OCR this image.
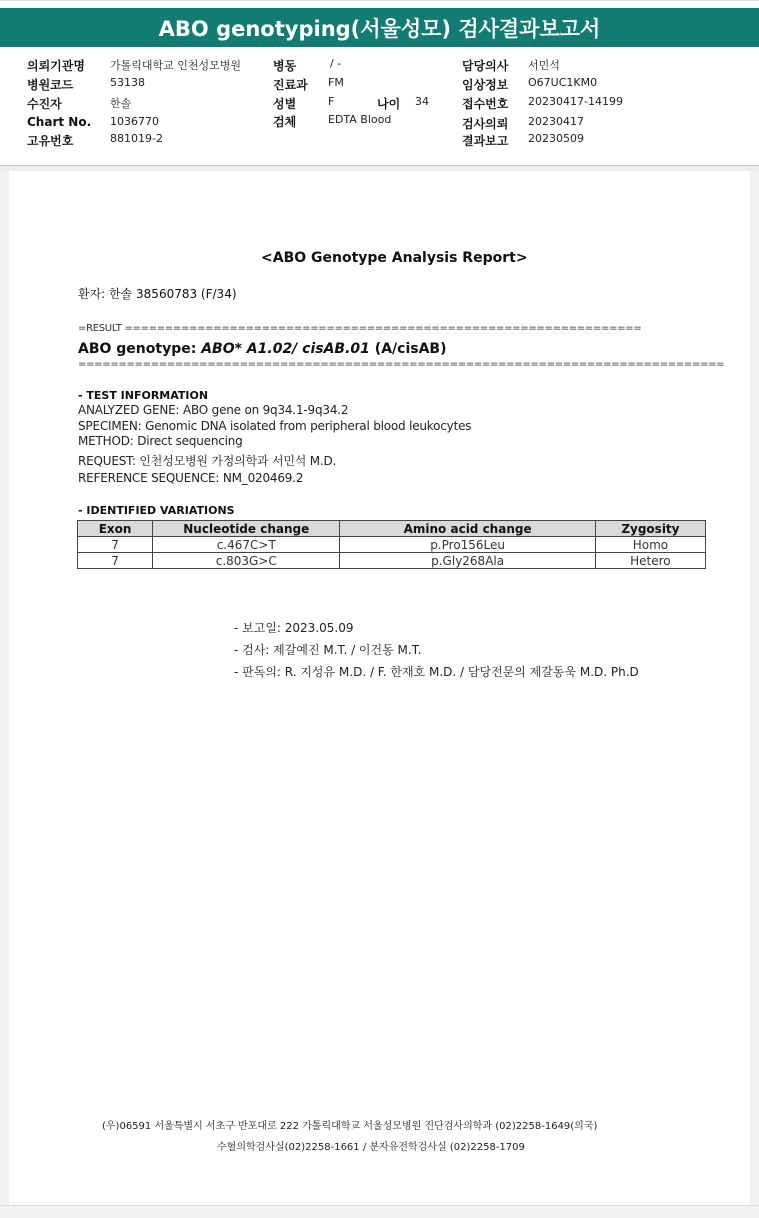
ABO genotyping(서울성모) 검사결과보고서
의뢰기관명 가톨릭대학교 인천성모병원
병원코드	53138
수진자	한솔
Chart No. 1036770
고유번호	881019-2
병동	/ -
진료과 FM
성별	F	나이 34
검체	EDTA Blood
담당의사 서민석
임상정보 O67UC1KM0
접수번호 20230417-14199
검사의뢰 20230417
결과보고 20230509
<ABO Genotype Analysis Report>
환자: 한솔 38560783 (F/34)
=RESULT ================================================================
ABO genotype: ABO* A1.02/ cisAB.01 (A/cisAB)
================================================================================
- TEST INFORMATION
ANALYZED GENE: ABO gene on 9q34.1-9q34.2
SPECIMEN: Genomic DNA isolated from peripheral blood leukocytes
METHOD: Direct sequencing
REQUEST: 인천성모병원 가정의학과 서민석 M.D.
REFERENCE SEQUENCE: NM_020469.2
- IDENTIFIED VARIATIONS
Exon	Nucleotide change	Amino acid change	Zygosity
7	c.467C>T	p.Pro156Leu	Homo
7	c.803G>C	p.Gly268Ala	Hetero
- 보고일: 2023.05.09
- 검사: 제갈예진 M.T. / 이건동 M.T.
- 판독의: R. 지성유 M.D. / F. 한재호 M.D. / 담당전문의 제갈동욱 M.D. Ph.D
(우)06591 서울특별시 서초구 반포대로 222 가톨릭대학교 서울성모병원 진단검사의학과 (02)2258-1649(의국)
수혈의학검사실(02)2258-1661 / 분자유전학검사실 (02)2258-1709
